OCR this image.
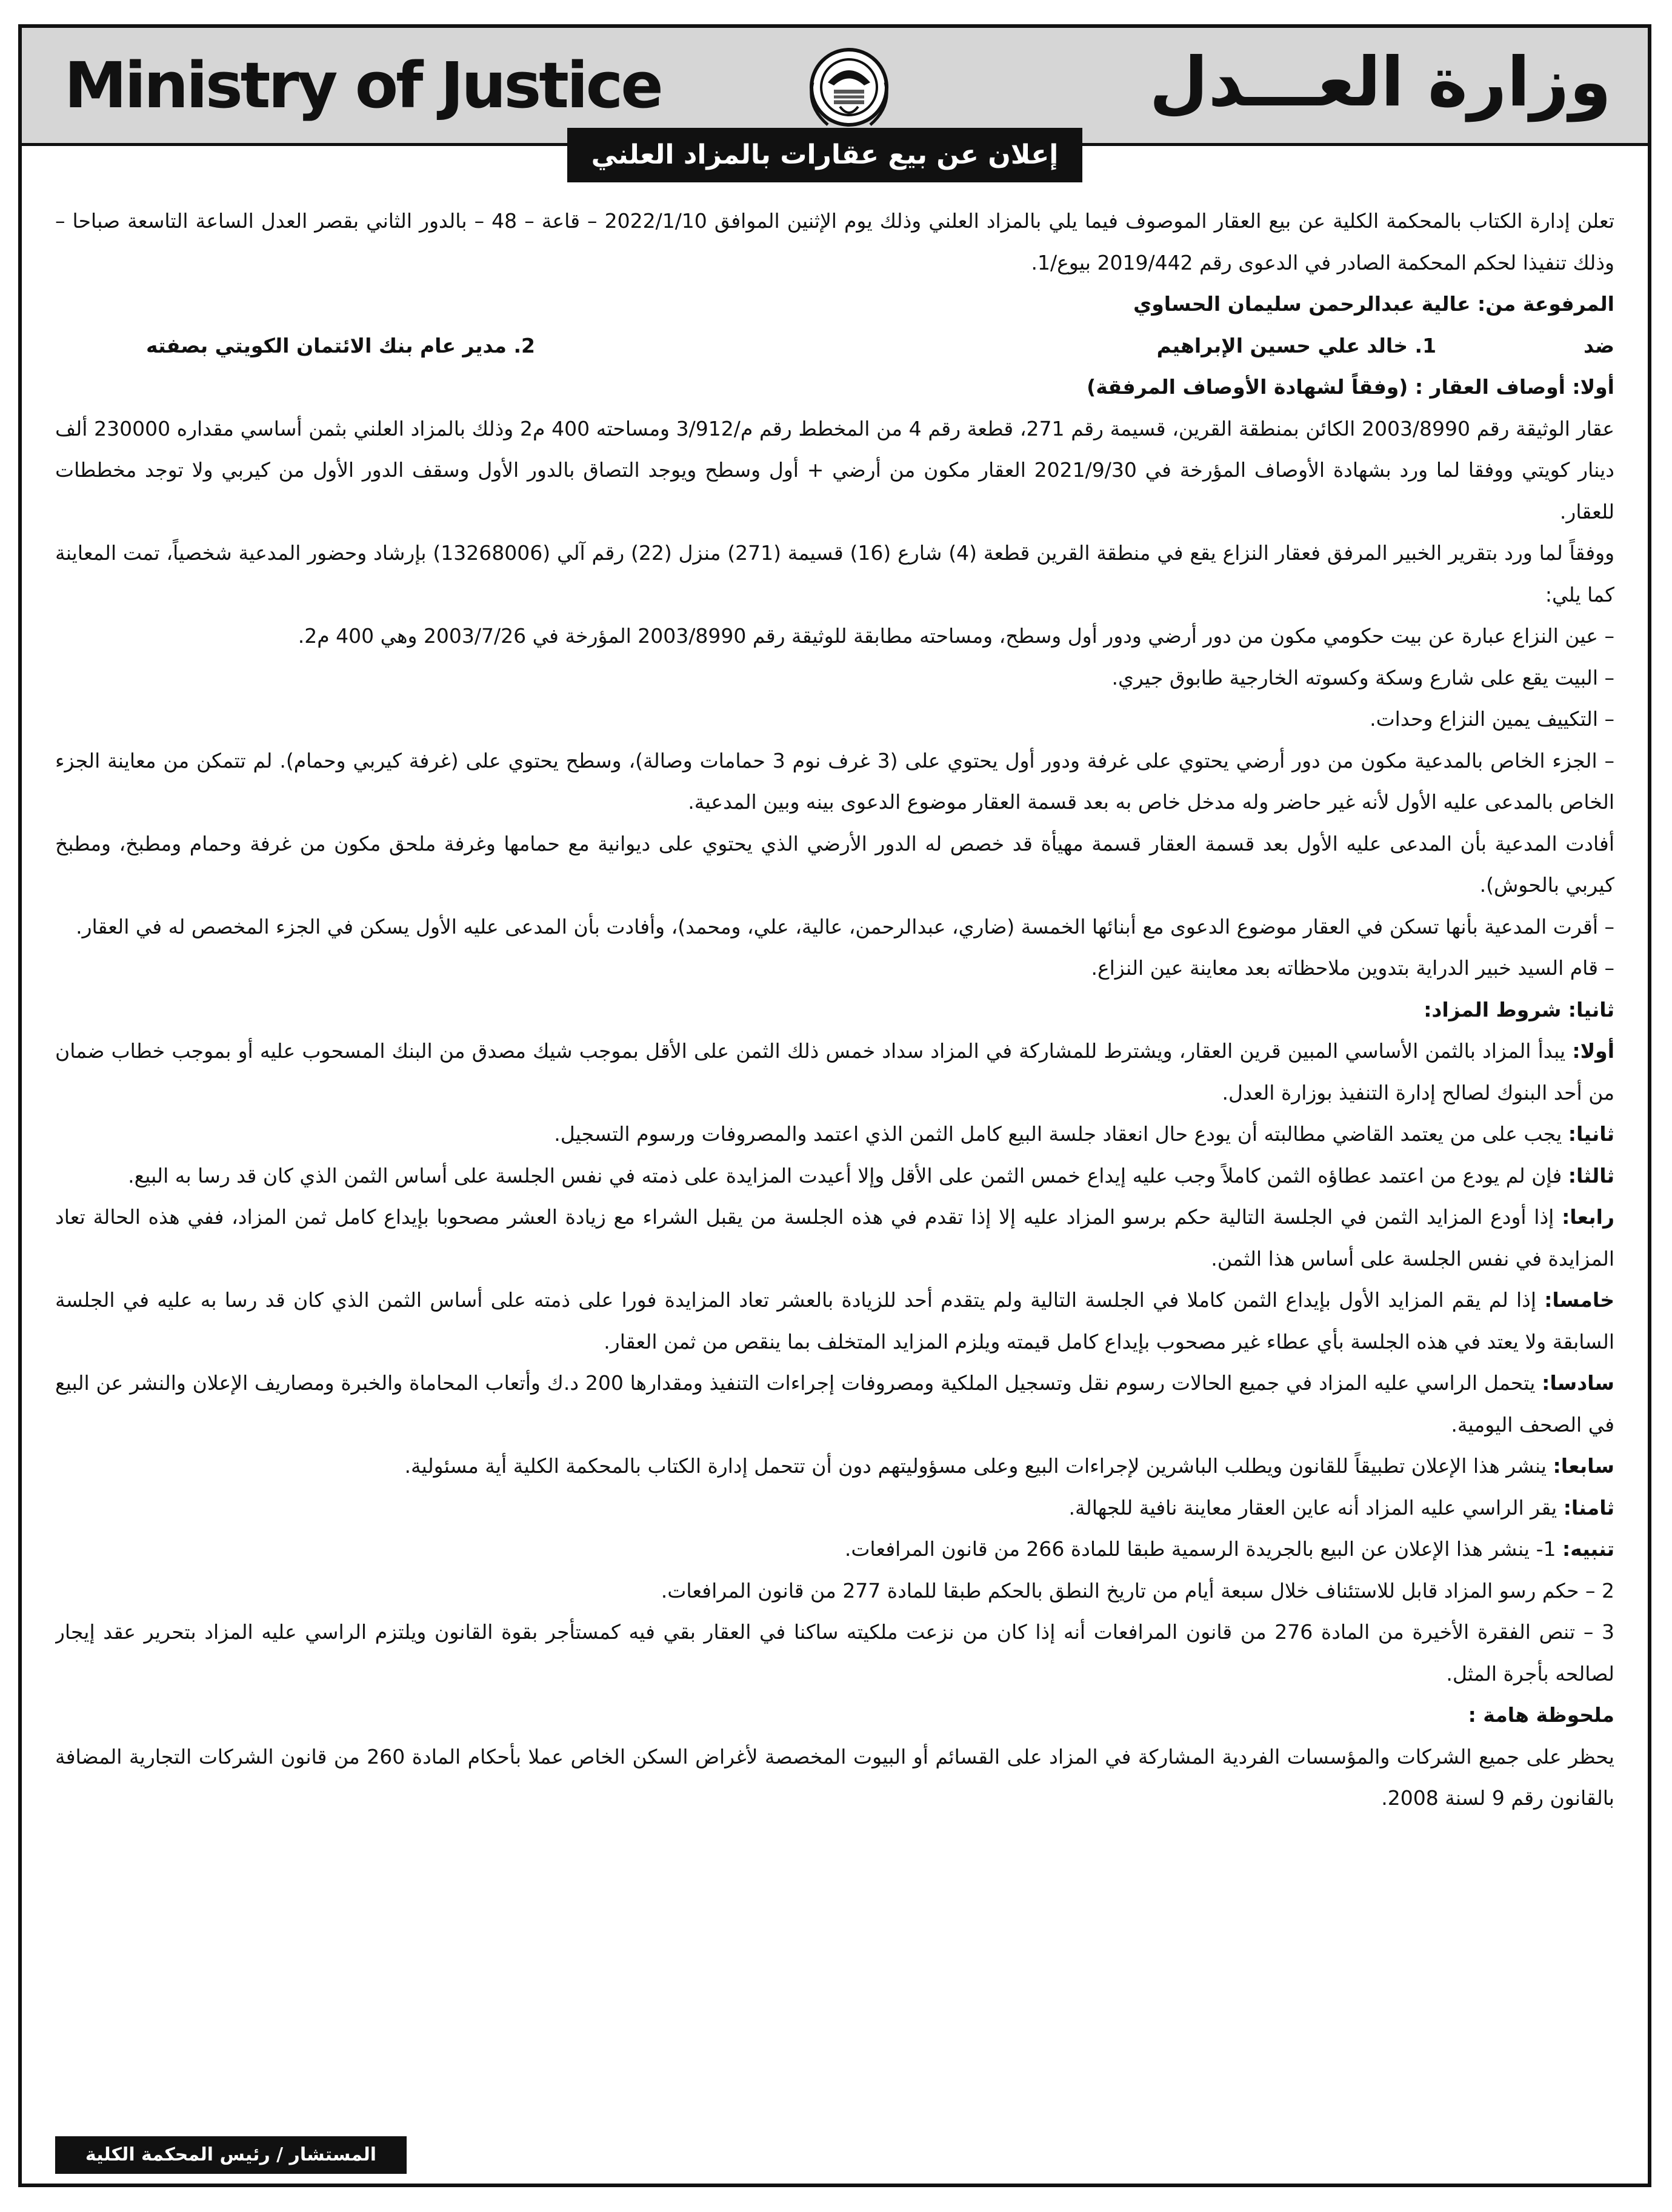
Ministry of Justice	وزارة العـــدل
إعلان عن بيع عقارات بالمزاد العلني

تعلن إدارة الكتاب بالمحكمة الكلية عن بيع العقار الموصوف فيما يلي بالمزاد العلني وذلك يوم الإثنين الموافق 2022/1/10 – قاعة – 48 – بالدور الثاني بقصر العدل الساعة التاسعة صباحا – وذلك تنفيذا لحكم المحكمة الصادر في الدعوى رقم 2019/442 بيوع/1.

المرفوعة من: عالية عبدالرحمن سليمان الحساوي

ضد  1. خالد علي حسين الإبراهيم
2. مدير عام بنك الائتمان الكويتي بصفته

أولا: أوصاف العقار : (وفقاً لشهادة الأوصاف المرفقة)

عقار الوثيقة رقم 2003/8990 الكائن بمنطقة القرين، قسيمة رقم 271، قطعة رقم 4 من المخطط رقم م/3/912 ومساحته 400 م2 وذلك بالمزاد العلني بثمن أساسي مقداره 230000 ألف دينار كويتي ووفقا لما ورد بشهادة الأوصاف المؤرخة في 2021/9/30 العقار مكون من أرضي + أول وسطح ويوجد التصاق بالدور الأول وسقف الدور الأول من كيربي ولا توجد مخططات للعقار.

ووفقاً لما ورد بتقرير الخبير المرفق فعقار النزاع يقع في منطقة القرين قطعة (4) شارع (16) قسيمة (271) منزل (22) رقم آلي (13268006) بإرشاد وحضور المدعية شخصياً، تمت المعاينة كما يلي:

– عين النزاع عبارة عن بيت حكومي مكون من دور أرضي ودور أول وسطح، ومساحته مطابقة للوثيقة رقم 2003/8990 المؤرخة في 2003/7/26 وهي 400 م2.

– البيت يقع على شارع وسكة وكسوته الخارجية طابوق جيري.

– التكييف يمين النزاع وحدات.

– الجزء الخاص بالمدعية مكون من دور أرضي يحتوي على غرفة ودور أول يحتوي على (3 غرف نوم 3 حمامات وصالة)، وسطح يحتوي على (غرفة كيربي وحمام). لم تتمكن من معاينة الجزء الخاص بالمدعى عليه الأول لأنه غير حاضر وله مدخل خاص به بعد قسمة العقار موضوع الدعوى بينه وبين المدعية.

أفادت المدعية بأن المدعى عليه الأول بعد قسمة العقار قسمة مهيأة قد خصص له الدور الأرضي الذي يحتوي على ديوانية مع حمامها وغرفة ملحق مكون من غرفة وحمام ومطبخ، ومطبخ كيربي بالحوش).

– أقرت المدعية بأنها تسكن في العقار موضوع الدعوى مع أبنائها الخمسة (ضاري، عبدالرحمن، عالية، علي، ومحمد)، وأفادت بأن المدعى عليه الأول يسكن في الجزء المخصص له في العقار.

– قام السيد خبير الدراية بتدوين ملاحظاته بعد معاينة عين النزاع.

ثانيا: شروط المزاد:

أولا: يبدأ المزاد بالثمن الأساسي المبين قرين العقار، ويشترط للمشاركة في المزاد سداد خمس ذلك الثمن على الأقل بموجب شيك مصدق من البنك المسحوب عليه أو بموجب خطاب ضمان من أحد البنوك لصالح إدارة التنفيذ بوزارة العدل.

ثانيا: يجب على من يعتمد القاضي مطالبته أن يودع حال انعقاد جلسة البيع كامل الثمن الذي اعتمد والمصروفات ورسوم التسجيل.

ثالثا: فإن لم يودع من اعتمد عطاؤه الثمن كاملاً وجب عليه إيداع خمس الثمن على الأقل وإلا أعيدت المزايدة على ذمته في نفس الجلسة على أساس الثمن الذي كان قد رسا به البيع.

رابعا: إذا أودع المزايد الثمن في الجلسة التالية حكم برسو المزاد عليه إلا إذا تقدم في هذه الجلسة من يقبل الشراء مع زيادة العشر مصحوبا بإيداع كامل ثمن المزاد، ففي هذه الحالة تعاد المزايدة في نفس الجلسة على أساس هذا الثمن.

خامسا: إذا لم يقم المزايد الأول بإيداع الثمن كاملا في الجلسة التالية ولم يتقدم أحد للزيادة بالعشر تعاد المزايدة فورا على ذمته على أساس الثمن الذي كان قد رسا به عليه في الجلسة السابقة ولا يعتد في هذه الجلسة بأي عطاء غير مصحوب بإيداع كامل قيمته ويلزم المزايد المتخلف بما ينقص من ثمن العقار.

سادسا: يتحمل الراسي عليه المزاد في جميع الحالات رسوم نقل وتسجيل الملكية ومصروفات إجراءات التنفيذ ومقدارها 200 د.ك وأتعاب المحاماة والخبرة ومصاريف الإعلان والنشر عن البيع في الصحف اليومية.

سابعا: ينشر هذا الإعلان تطبيقاً للقانون ويطلب الباشرين لإجراءات البيع وعلى مسؤوليتهم دون أن تتحمل إدارة الكتاب بالمحكمة الكلية أية مسئولية.

ثامنا: يقر الراسي عليه المزاد أنه عاين العقار معاينة نافية للجهالة.

تنبيه: 1- ينشر هذا الإعلان عن البيع بالجريدة الرسمية طبقا للمادة 266 من قانون المرافعات.

2 – حكم رسو المزاد قابل للاستئناف خلال سبعة أيام من تاريخ النطق بالحكم طبقا للمادة 277 من قانون المرافعات.

3 – تنص الفقرة الأخيرة من المادة 276 من قانون المرافعات أنه إذا كان من نزعت ملكيته ساكنا في العقار بقي فيه كمستأجر بقوة القانون ويلتزم الراسي عليه المزاد بتحرير عقد إيجار لصالحه بأجرة المثل.

ملحوظة هامة :

يحظر على جميع الشركات والمؤسسات الفردية المشاركة في المزاد على القسائم أو البيوت المخصصة لأغراض السكن الخاص عملا بأحكام المادة 260 من قانون الشركات التجارية المضافة بالقانون رقم 9 لسنة 2008.

المستشار / رئيس المحكمة الكلية
